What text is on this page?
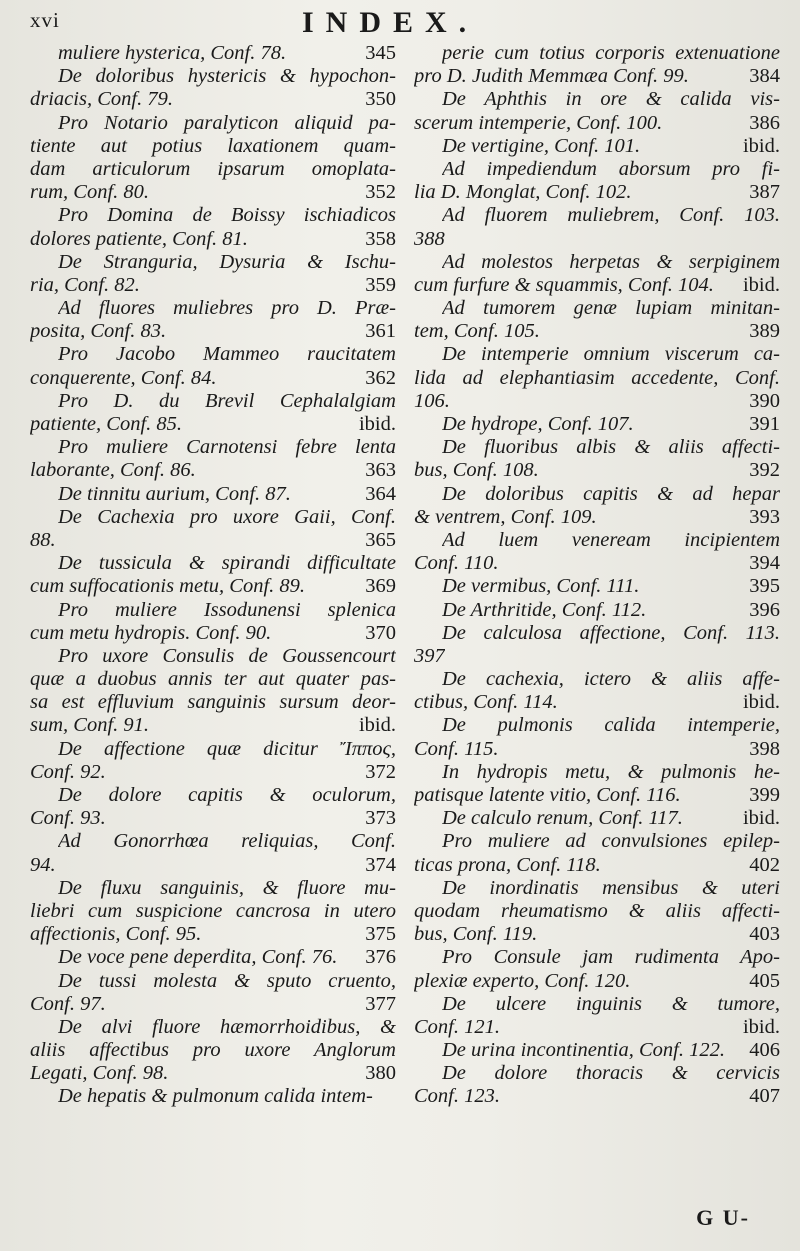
xvi	INDEX.
muliere hysterica, Conf. 78.	345
De doloribus hystericis & hypochon-
driacis, Conf. 79.	350
Pro Notario paralyticon aliquid pa-
tiente aut potius laxationem quam-
dam articulorum ipsarum omoplata-
rum, Conf. 80.	352
Pro Domina de Boissy ischiadicos
dolores patiente, Conf. 81.	358
De Stranguria, Dysuria & Ischu-
ria, Conf. 82.	359
Ad fluores muliebres pro D. Præ-
posita, Conf. 83.	361
Pro Jacobo Mammeo raucitatem
conquerente, Conf. 84.	362
Pro D. du Brevil Cephalalgiam
patiente, Conf. 85.	ibid.
Pro muliere Carnotensi febre lenta
laborante, Conf. 86.	363
De tinnitu aurium, Conf. 87.	364
De Cachexia pro uxore Gaii, Conf.
88.	365
De tussicula & spirandi difficultate
cum suffocationis metu, Conf. 89.	369
Pro muliere Issodunensi splenica
cum metu hydropis. Conf. 90.	370
Pro uxore Consulis de Goussencourt
quæ a duobus annis ter aut quater pas-
sa est effluvium sanguinis sursum deor-
sum, Conf. 91.	ibid.
De affectione quæ dicitur Ἴππος,
Conf. 92.	372
De dolore capitis & oculorum,
Conf. 93.	373
Ad Gonorrhœa reliquias, Conf.
94.	374
De fluxu sanguinis, & fluore mu-
liebri cum suspicione cancrosa in utero
affectionis, Conf. 95.	375
De voce pene deperdita, Conf. 76. 376
De tussi molesta & sputo cruento,
Conf. 97.	377
De alvi fluore hæmorrhoidibus, &
aliis affectibus pro uxore Anglorum
Legati, Conf. 98.	380
De hepatis & pulmonum calida intem-
perie cum totius corporis extenuatione
pro D. Judith Memmæa Conf. 99.	384
De Aphthis in ore & calida vis-
scerum intemperie, Conf. 100.	386
De vertigine, Conf. 101.	ibid.
Ad impediendum aborsum pro fi-
lia D. Monglat, Conf. 102.	387
Ad fluorem muliebrem, Conf. 103.
388
Ad molestos herpetas & serpiginem
cum furfure & squammis, Conf. 104. ibid.
Ad tumorem genæ lupiam minitan-
tem, Conf. 105.	389
De intemperie omnium viscerum ca-
lida ad elephantiasim accedente, Conf.
106.	390
De hydrope, Conf. 107.	391
De fluoribus albis & aliis affecti-
bus, Conf. 108.	392
De doloribus capitis & ad hepar
& ventrem, Conf. 109.	393
Ad luem veneream incipientem
Conf. 110.	394
De vermibus, Conf. 111.	395
De Arthritide, Conf. 112.	396
De calculosa affectione, Conf. 113.
397
De cachexia, ictero & aliis affe-
ctibus, Conf. 114.	ibid.
De pulmonis calida intemperie,
Conf. 115.	398
In hydropis metu, & pulmonis he-
patisque latente vitio, Conf. 116.	399
De calculo renum, Conf. 117.	ibid.
Pro muliere ad convulsiones epilep-
ticas prona, Conf. 118.	402
De inordinatis mensibus & uteri
quodam rheumatismo & aliis affecti-
bus, Conf. 119.	403
Pro Consule jam rudimenta Apo-
plexiæ experto, Conf. 120.	405
De ulcere inguinis & tumore,
Conf. 121.	ibid.
De urina incontinentia, Conf. 122. 406
De dolore thoracis & cervicis
Conf. 123.	407
G U-
